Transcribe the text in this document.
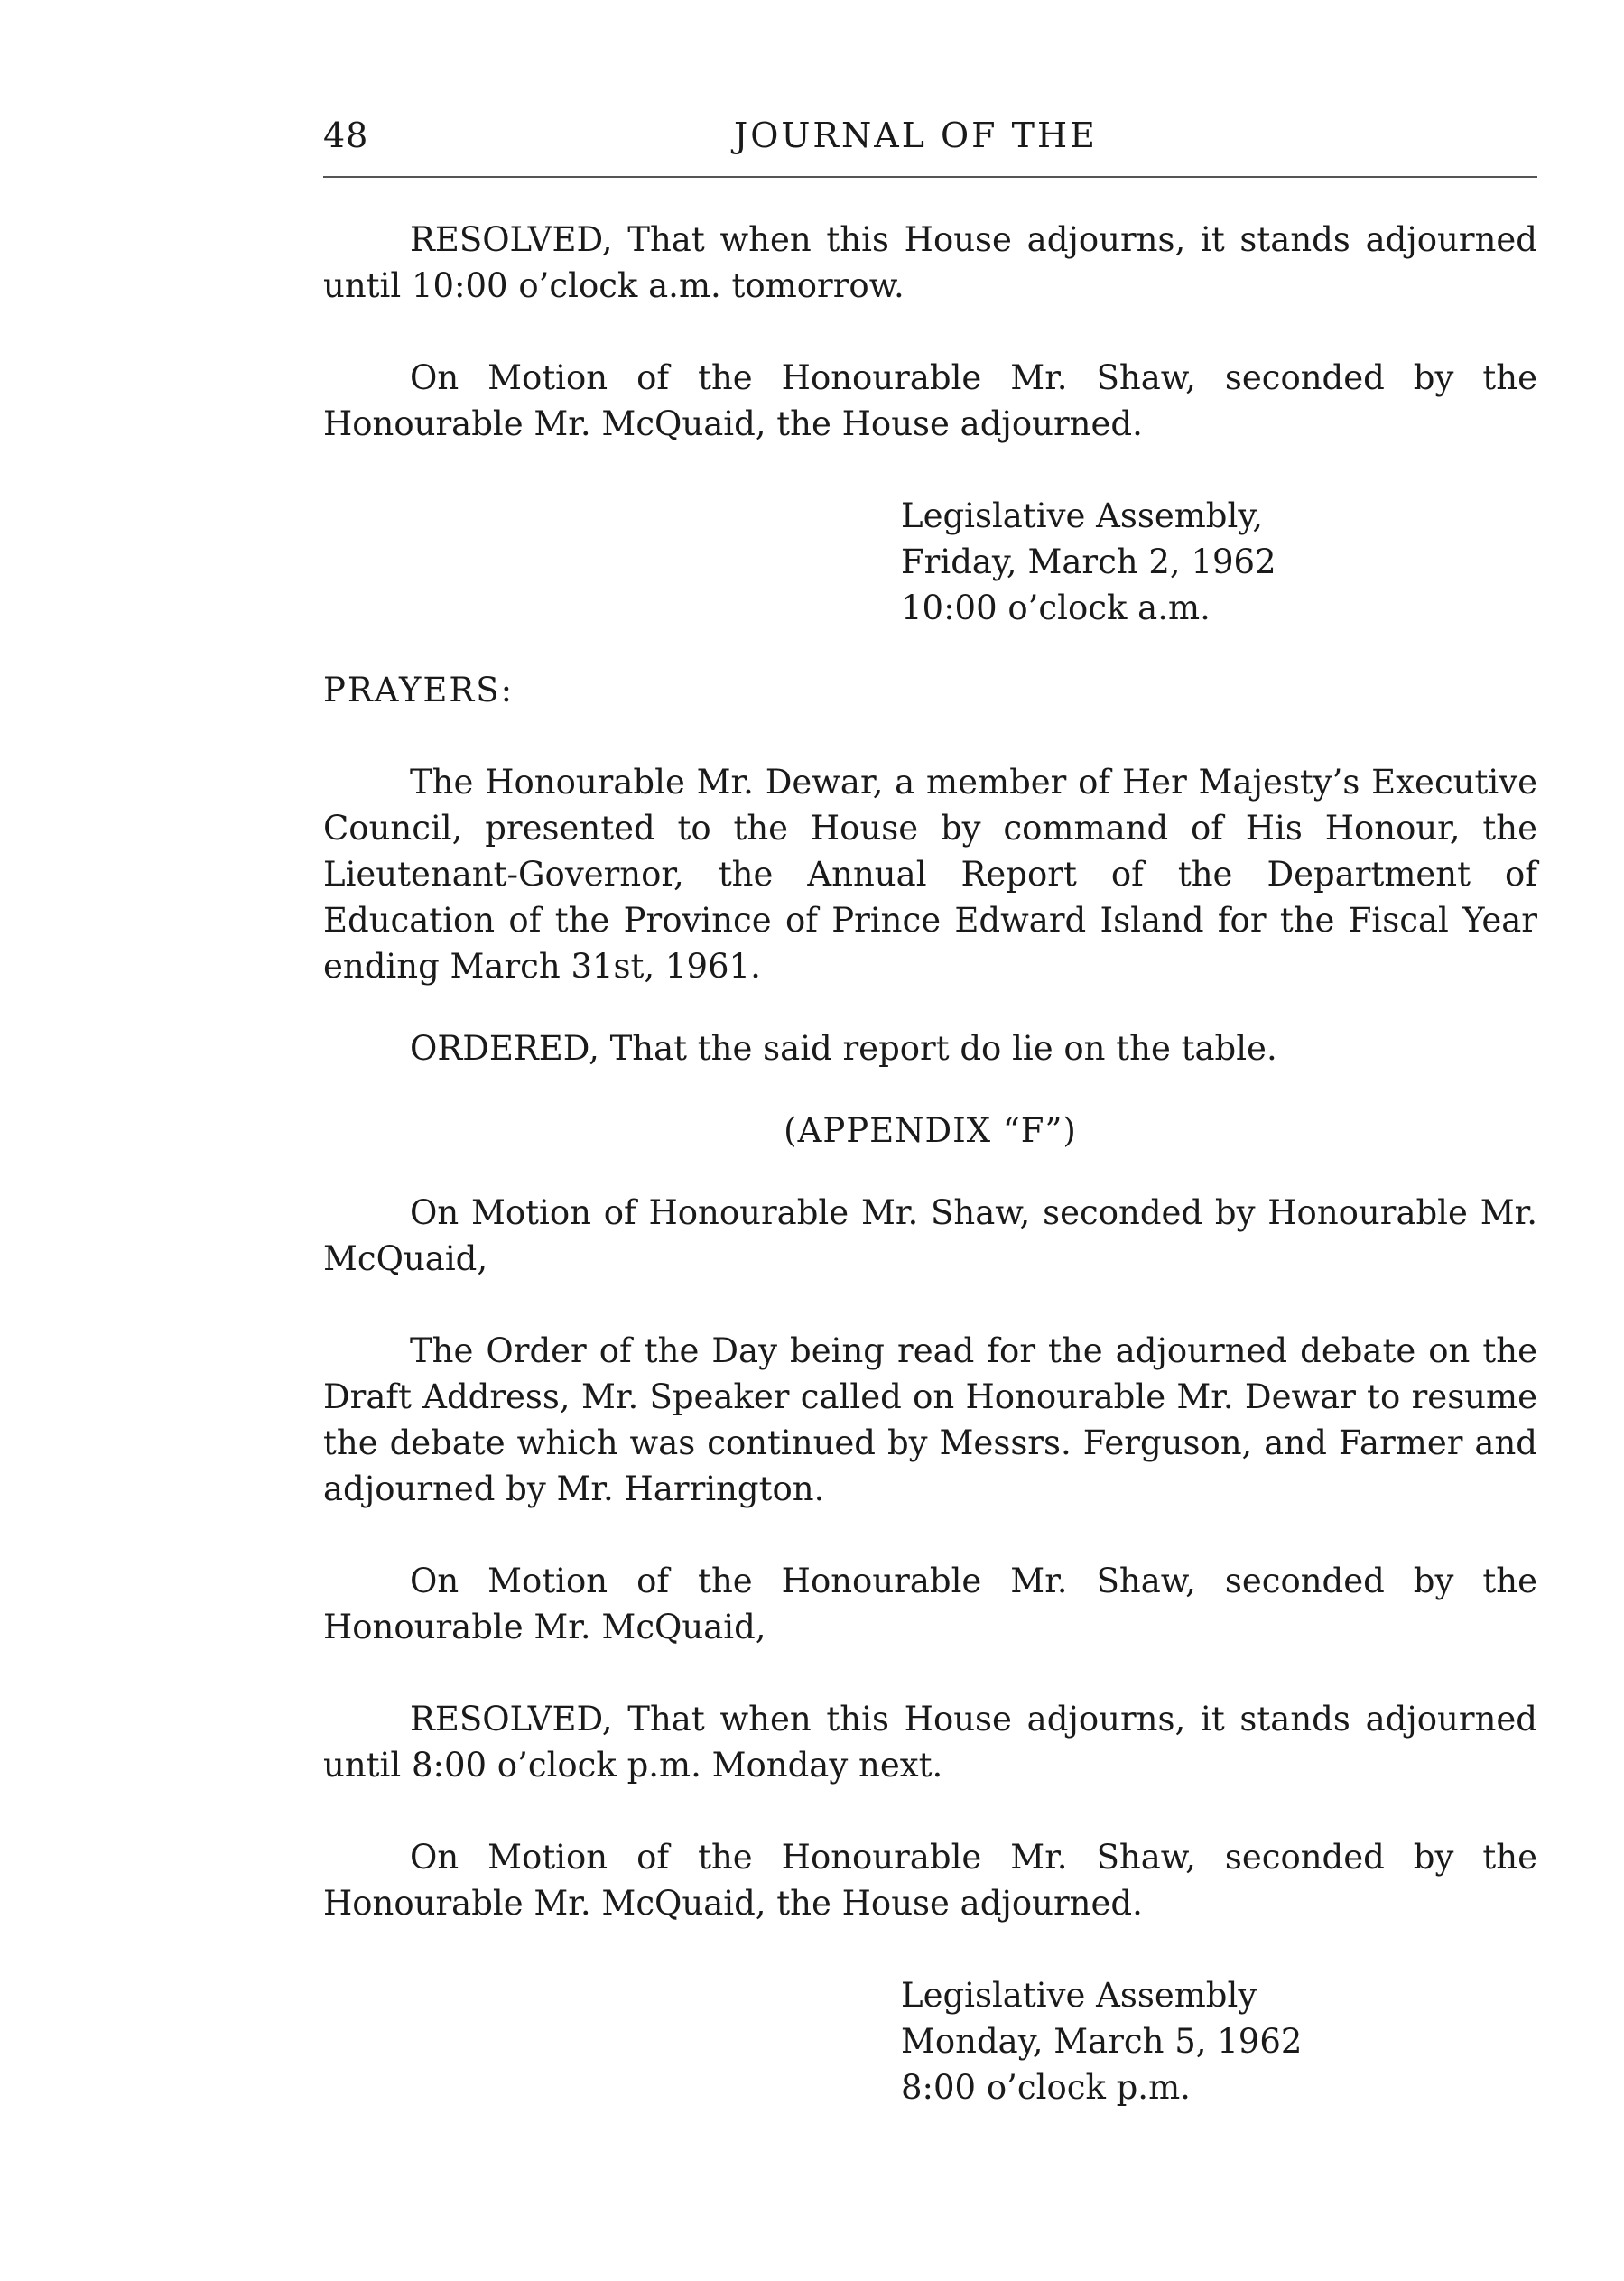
48	JOURNAL OF THE

RESOLVED, That when this House adjourns, it stands adjourned until 10:00 o’clock a.m. tomorrow.

On Motion of the Honourable Mr. Shaw, seconded by the Honourable Mr. McQuaid, the House adjourned.

Legislative Assembly,
Friday, March 2, 1962
10:00 o’clock a.m.
PRAYERS:

The Honourable Mr. Dewar, a member of Her Majesty’s Executive Council, presented to the House by command of His Honour, the Lieutenant-Governor, the Annual Report of the Department of Education of the Province of Prince Edward Island for the Fiscal Year ending March 31st, 1961.

ORDERED, That the said report do lie on the table.

(APPENDIX “F”)

On Motion of Honourable Mr. Shaw, seconded by Honourable Mr. McQuaid,

The Order of the Day being read for the adjourned debate on the Draft Address, Mr. Speaker called on Honourable Mr. Dewar to resume the debate which was continued by Messrs. Ferguson, and Farmer and adjourned by Mr. Harrington.

On Motion of the Honourable Mr. Shaw, seconded by the Honourable Mr. McQuaid,

RESOLVED, That when this House adjourns, it stands adjourned until 8:00 o’clock p.m. Monday next.

On Motion of the Honourable Mr. Shaw, seconded by the Honourable Mr. McQuaid, the House adjourned.

Legislative Assembly
Monday, March 5, 1962
8:00 o’clock p.m.
